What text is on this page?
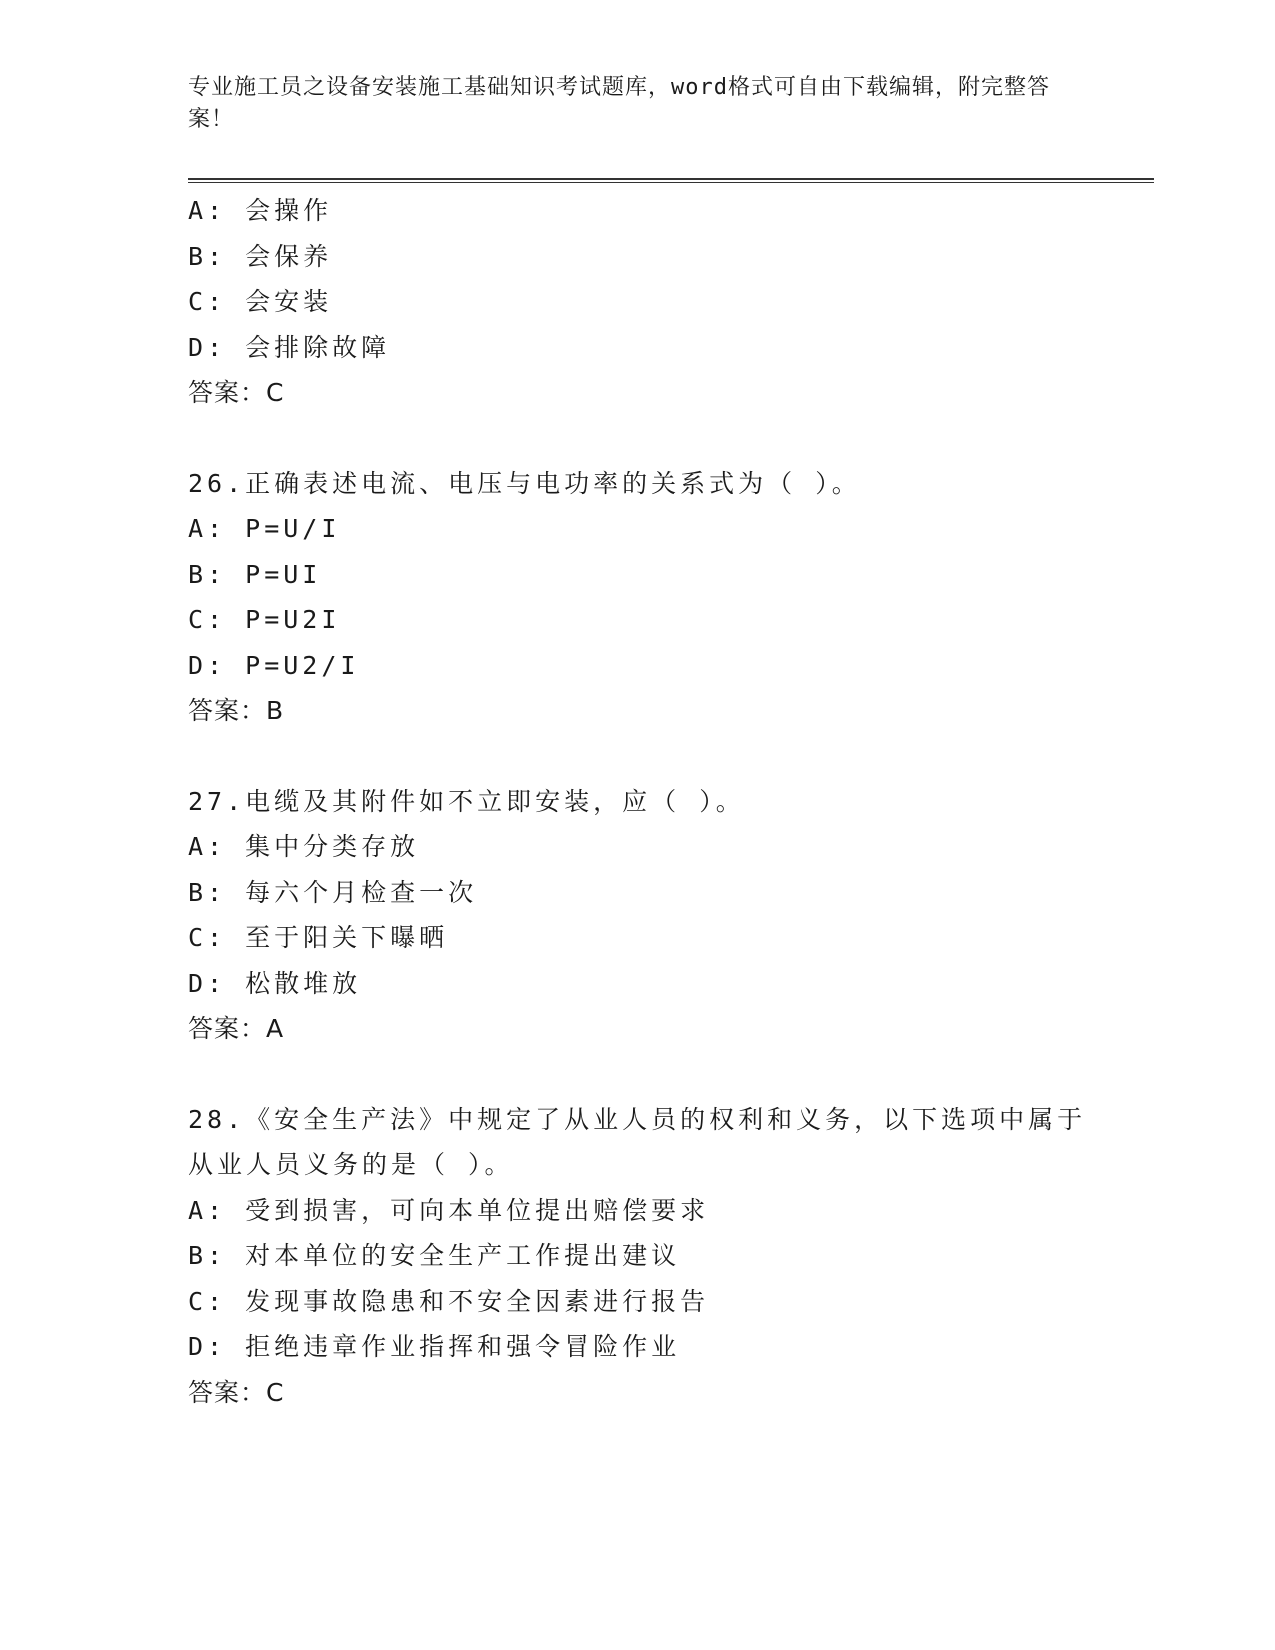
专业施工员之设备安装施工基础知识考试题库，word格式可自由下载编辑，附完整答案！
A: 会操作
B: 会保养
C: 会安装
D: 会排除故障
答案：C
26.正确表述电流、电压与电功率的关系式为（ ）。
A: P=U/I
B: P=UI
C: P=U2I
D: P=U2/I
答案：B
27.电缆及其附件如不立即安装，应（ ）。
A: 集中分类存放
B: 每六个月检查一次
C: 至于阳关下曝晒
D: 松散堆放
答案：A
28.《安全生产法》中规定了从业人员的权利和义务，以下选项中属于
从业人员义务的是（ ）。
A: 受到损害，可向本单位提出赔偿要求
B: 对本单位的安全生产工作提出建议
C: 发现事故隐患和不安全因素进行报告
D: 拒绝违章作业指挥和强令冒险作业
答案：C
